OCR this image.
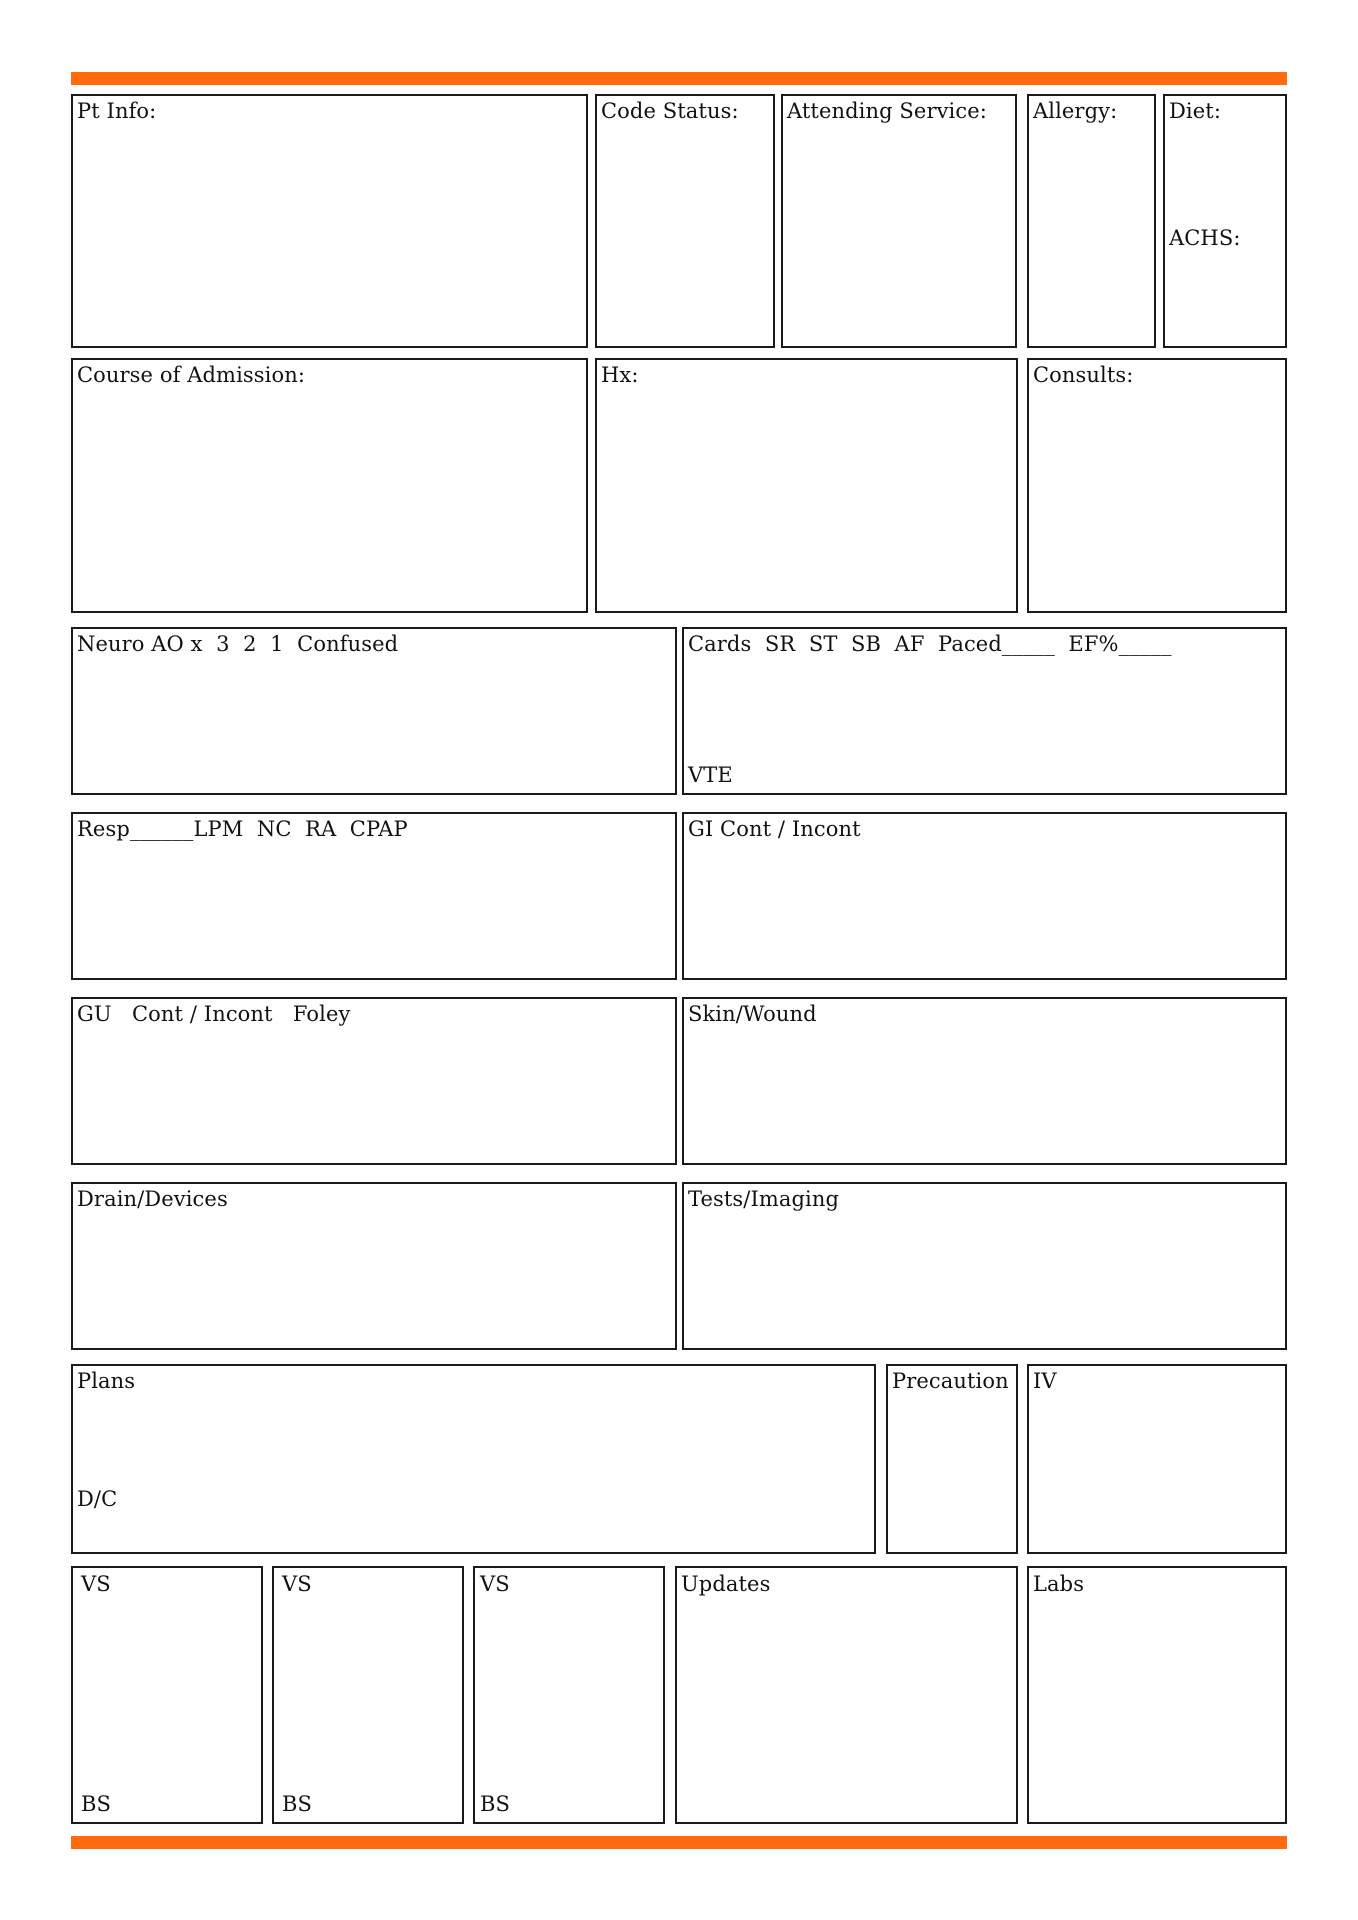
Pt Info:	Code Status: Attending Service: Allergy: Diet:
ACHS:
Course of Admission:	Hx:	Consults:
Neuro AO x  3  2  1  Confused	Cards  SR  ST  SB  AF  Paced_____  EF%_____
VTE
Resp______LPM  NC  RA  CPAP	GI Cont / Incont
GU   Cont / Incont   Foley	Skin/Wound
Drain/Devices	Tests/Imaging
Plans
D/C
Precaution IV
VS
BS
VS
BS
VS
BS
Updates	Labs
